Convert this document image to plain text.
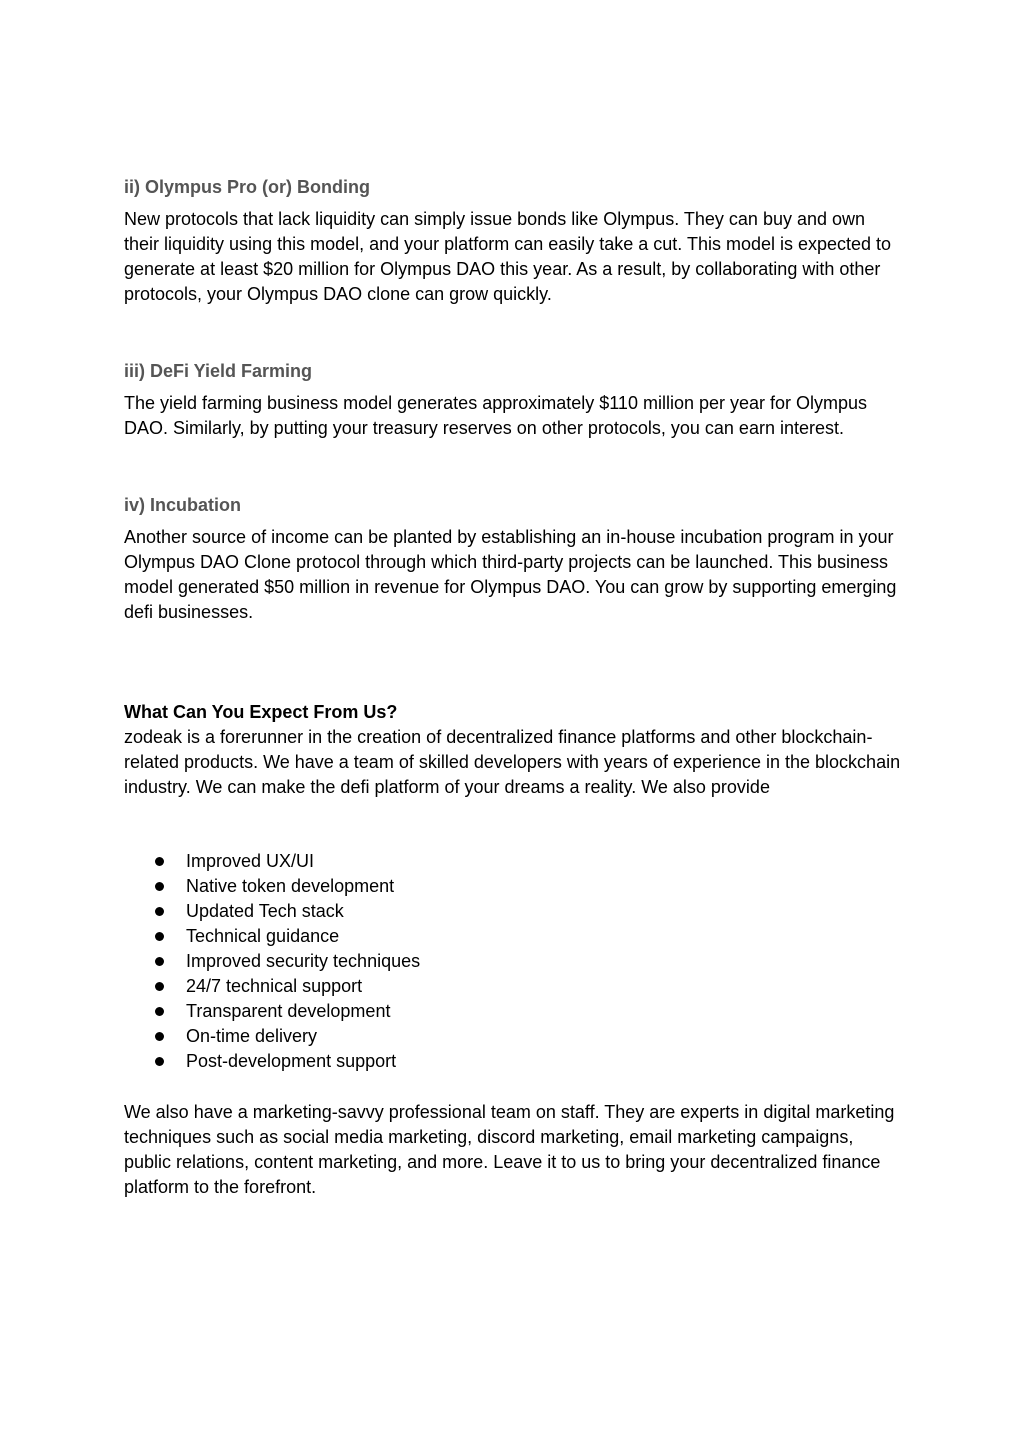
ii) Olympus Pro (or) Bonding

New protocols that lack liquidity can simply issue bonds like Olympus. They can buy and own their liquidity using this model, and your platform can easily take a cut. This model is expected to generate at least $20 million for Olympus DAO this year. As a result, by collaborating with other protocols, your Olympus DAO clone can grow quickly.

iii) DeFi Yield Farming

The yield farming business model generates approximately $110 million per year for Olympus DAO. Similarly, by putting your treasury reserves on other protocols, you can earn interest.

iv) Incubation

Another source of income can be planted by establishing an in-house incubation program in your Olympus DAO Clone protocol through which third-party projects can be launched. This business model generated $50 million in revenue for Olympus DAO. You can grow by supporting emerging defi businesses.

What Can You Expect From Us?

zodeak is a forerunner in the creation of decentralized finance platforms and other blockchain-related products. We have a team of skilled developers with years of experience in the blockchain industry. We can make the defi platform of your dreams a reality. We also provide

Improved UX/UI
Native token development
Updated Tech stack
Technical guidance
Improved security techniques
24/7 technical support
Transparent development
On-time delivery
Post-development support

We also have a marketing-savvy professional team on staff. They are experts in digital marketing techniques such as social media marketing, discord marketing, email marketing campaigns, public relations, content marketing, and more. Leave it to us to bring your decentralized finance platform to the forefront.
